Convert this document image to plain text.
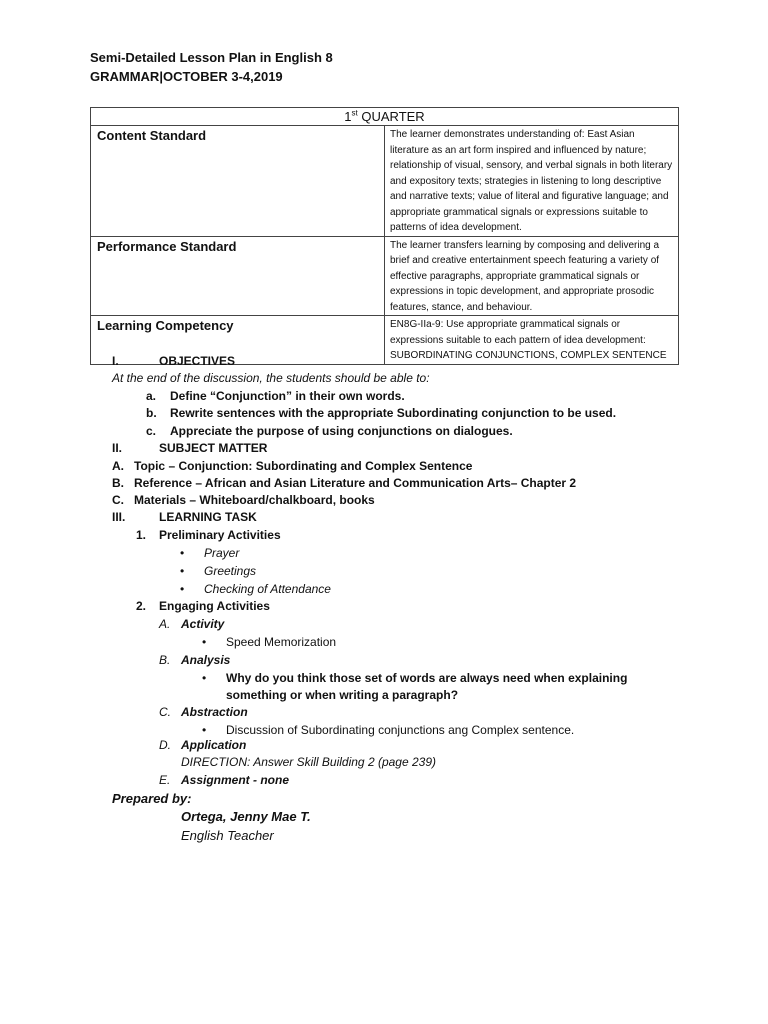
Semi-Detailed Lesson Plan in English 8
GRAMMAR|OCTOBER 3-4,2019
1st QUARTER	
Content Standard	The learner demonstrates understanding of: East Asian literature as an art form inspired and influenced by nature; relationship of visual, sensory, and verbal signals in both literary and expository texts; strategies in listening to long descriptive and narrative texts; value of literal and figurative language; and appropriate grammatical signals or expressions suitable to patterns of idea development.
Performance Standard	The learner transfers learning by composing and delivering a brief and creative entertainment speech featuring a variety of effective paragraphs, appropriate grammatical signals or expressions in topic development, and appropriate prosodic features, stance, and behaviour.
Learning Competency	EN8G-IIa-9: Use appropriate grammatical signals or expressions suitable to each pattern of idea development: SUBORDINATING CONJUNCTIONS, COMPLEX SENTENCE
I.	OBJECTIVES
At the end of the discussion, the students should be able to:
a. Define “Conjunction” in their own words.
b. Rewrite sentences with the appropriate Subordinating conjunction to be used.
c. Appreciate the purpose of using conjunctions on dialogues.
II.	SUBJECT MATTER
A. Topic – Conjunction: Subordinating and Complex Sentence
B. Reference – African and Asian Literature and Communication Arts– Chapter 2
C. Materials – Whiteboard/chalkboard, books
III.	LEARNING TASK
1. Preliminary Activities
• Prayer
• Greetings
• Checking of Attendance
2. Engaging Activities
A. Activity
• Speed Memorization
B. Analysis
• Why do you think those set of words are always need when explaining
something or when writing a paragraph?
C. Abstraction
• Discussion of Subordinating conjunctions ang Complex sentence.
D. Application
DIRECTION: Answer Skill Building 2 (page 239)
E. Assignment - none
Prepared by:
Ortega, Jenny Mae T.
English Teacher
